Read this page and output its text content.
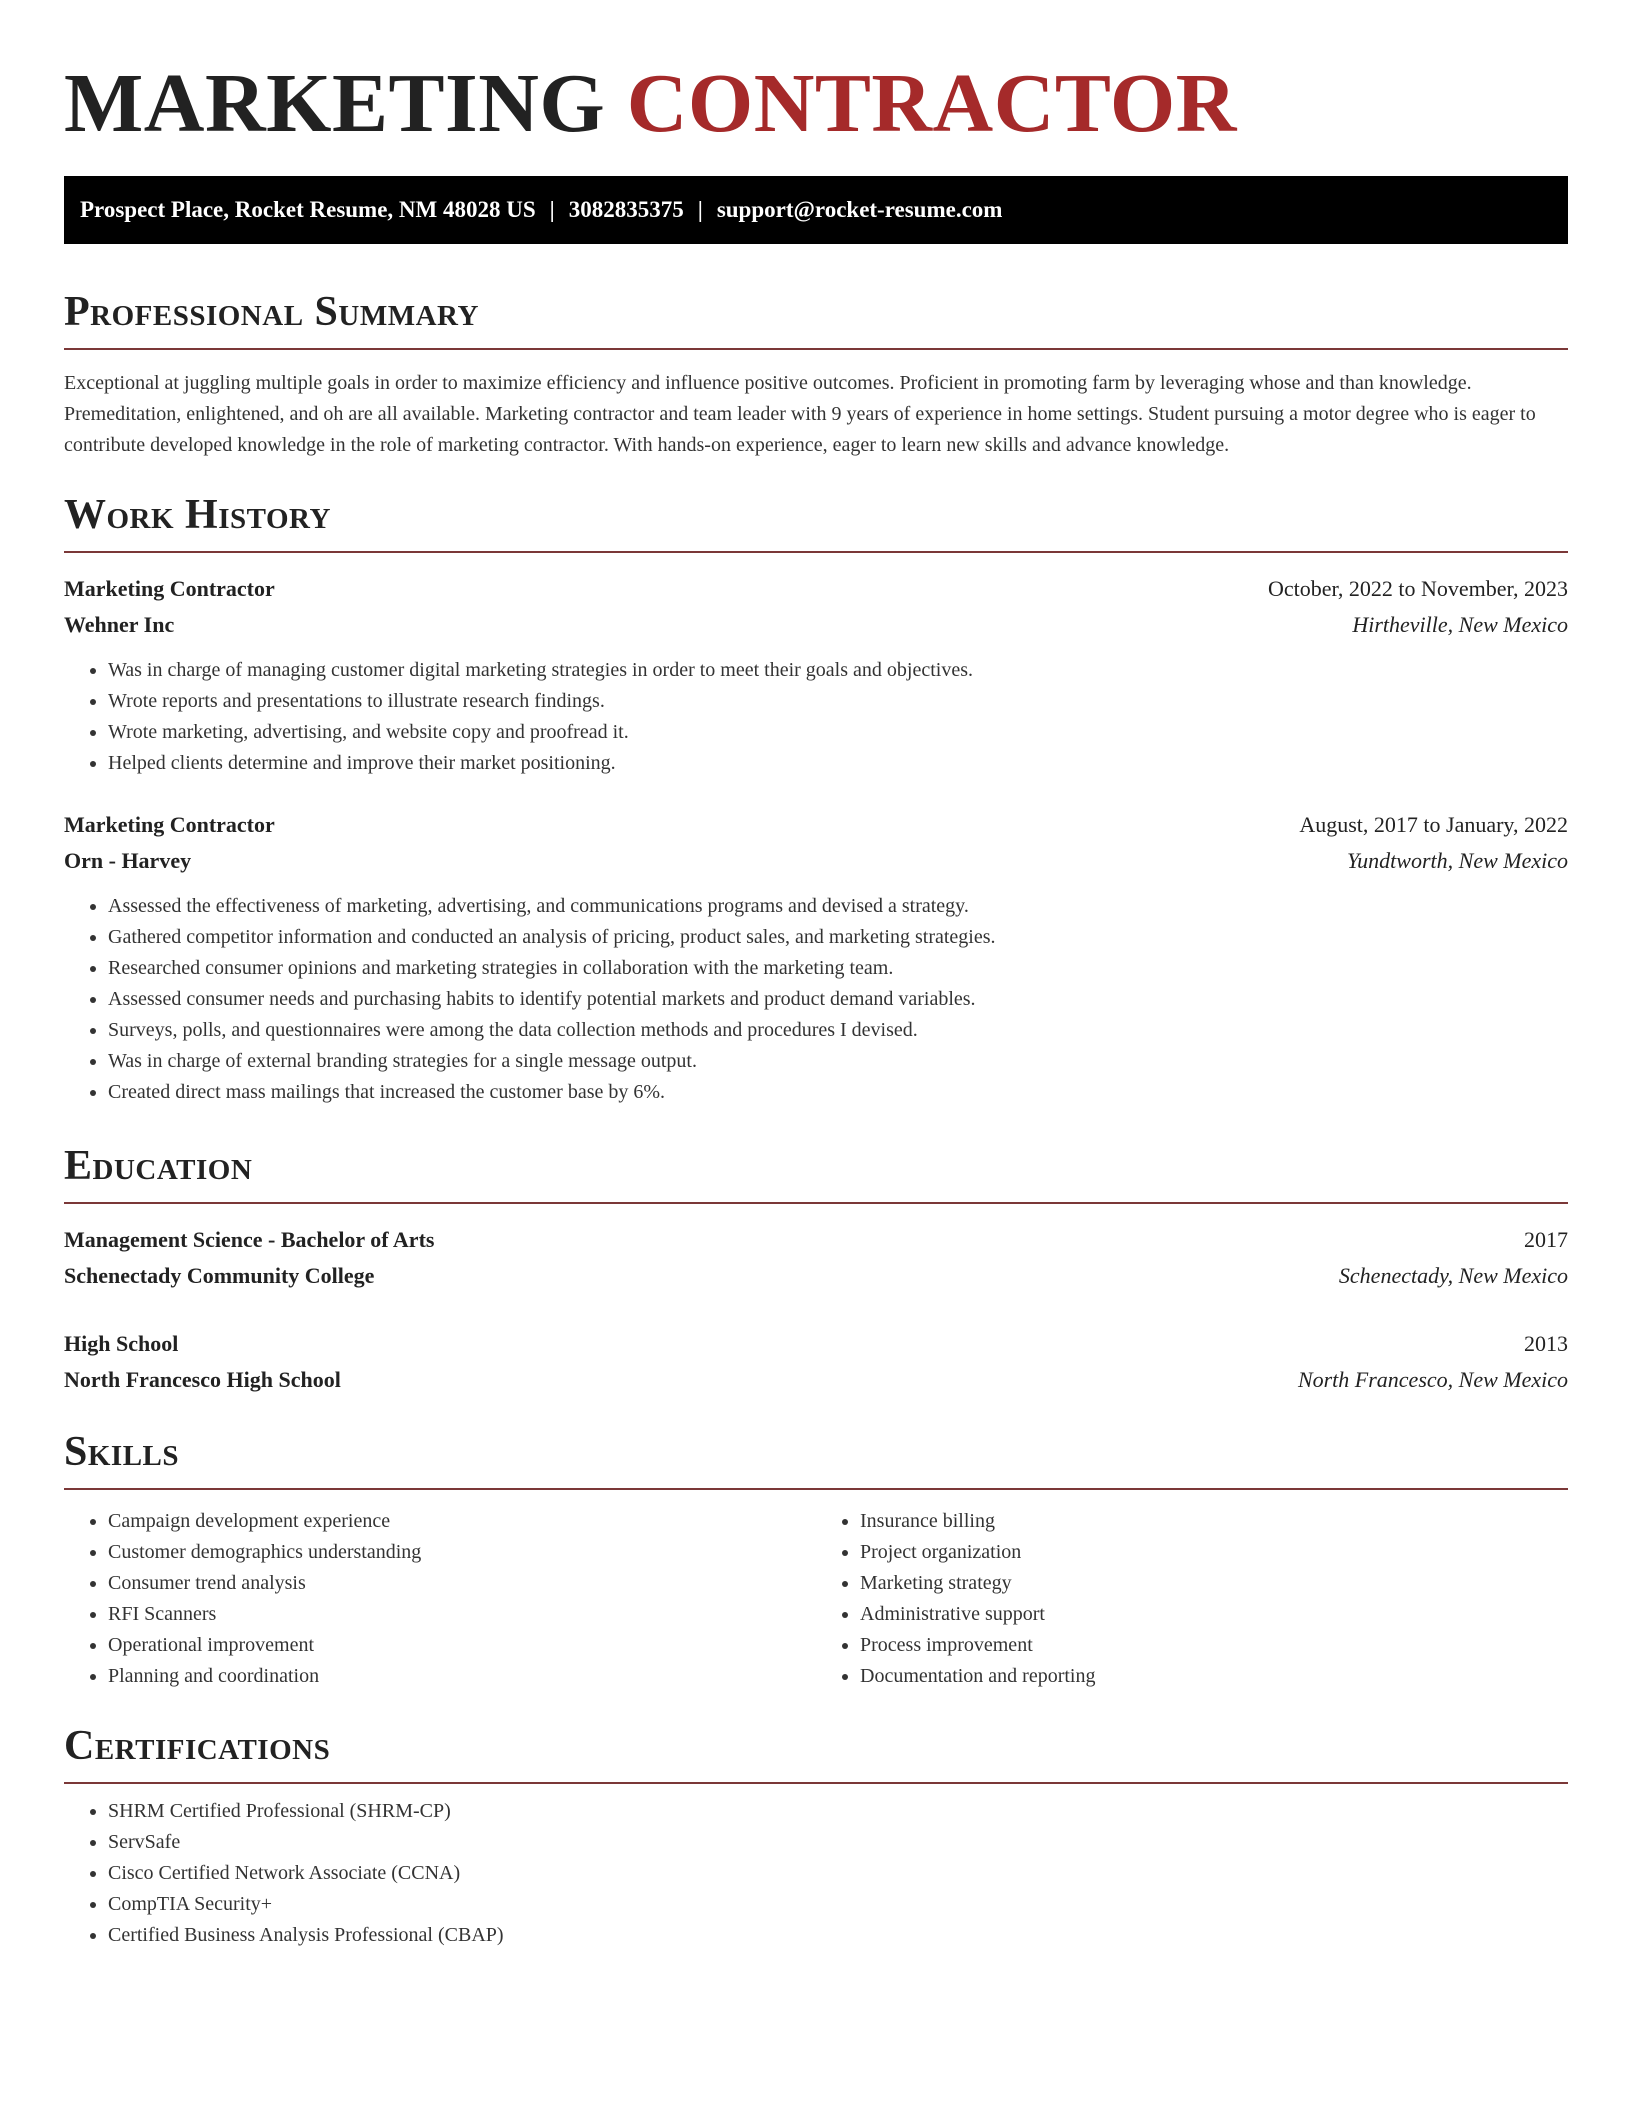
MARKETING CONTRACTOR
Prospect Place, Rocket Resume, NM 48028 US | 3082835375 | support@rocket-resume.com
Professional Summary

Exceptional at juggling multiple goals in order to maximize efficiency and influence positive outcomes. Proficient in promoting farm by leveraging whose and than knowledge. Premeditation, enlightened, and oh are all available. Marketing contractor and team leader with 9 years of experience in home settings. Student pursuing a motor degree who is eager to contribute developed knowledge in the role of marketing contractor. With hands-on experience, eager to learn new skills and advance knowledge.

Work History
Marketing Contractor	October, 2022 to November, 2023
Wehner Inc	Hirtheville, New Mexico
• Was in charge of managing customer digital marketing strategies in order to meet their goals and objectives.
• Wrote reports and presentations to illustrate research findings.
• Wrote marketing, advertising, and website copy and proofread it.
• Helped clients determine and improve their market positioning.
Marketing Contractor	August, 2017 to January, 2022
Orn - Harvey	Yundtworth, New Mexico
• Assessed the effectiveness of marketing, advertising, and communications programs and devised a strategy.
• Gathered competitor information and conducted an analysis of pricing, product sales, and marketing strategies.
• Researched consumer opinions and marketing strategies in collaboration with the marketing team.
• Assessed consumer needs and purchasing habits to identify potential markets and product demand variables.
• Surveys, polls, and questionnaires were among the data collection methods and procedures I devised.
• Was in charge of external branding strategies for a single message output.
• Created direct mass mailings that increased the customer base by 6%.
Education
Management Science - Bachelor of Arts	2017
Schenectady Community College	Schenectady, New Mexico
High School	2013
North Francesco High School	North Francesco, New Mexico
Skills
• Campaign development experience
• Customer demographics understanding
• Consumer trend analysis
• RFI Scanners
• Operational improvement
• Planning and coordination
• Insurance billing
• Project organization
• Marketing strategy
• Administrative support
• Process improvement
• Documentation and reporting
Certifications
• SHRM Certified Professional (SHRM-CP)
• ServSafe
• Cisco Certified Network Associate (CCNA)
• CompTIA Security+
• Certified Business Analysis Professional (CBAP)
